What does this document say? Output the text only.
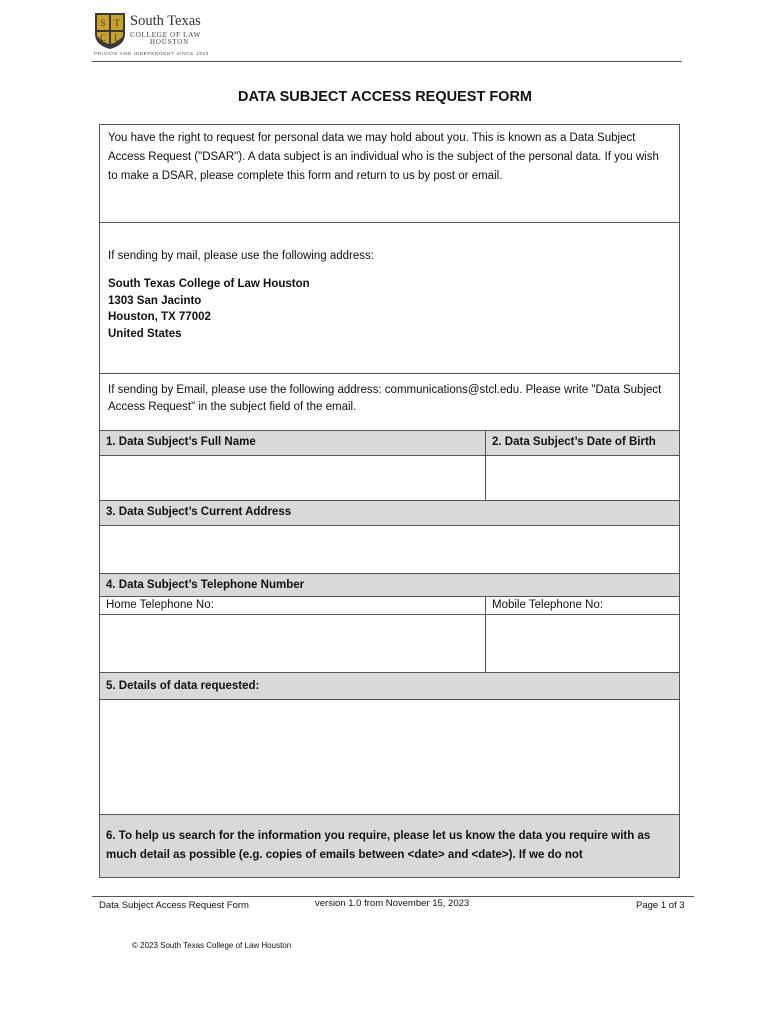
S T
C L
South Texas
COLLEGE OF LAW
HOUSTON
PRIVATE AND INDEPENDENT SINCE 1923
DATA SUBJECT ACCESS REQUEST FORM
You have the right to request for personal data we may hold about you. This is known as a Data Subject Access Request ("DSAR"). A data subject is an individual who is the subject of the personal data. If you wish to make a DSAR, please complete this form and return to us by post or email.
If sending by mail, please use the following address:
South Texas College of Law Houston
1303 San Jacinto
Houston, TX 77002
United States
If sending by Email, please use the following address: communications@stcl.edu. Please write "Data Subject Access Request" in the subject field of the email.
1. Data Subject’s Full Name	2. Data Subject’s Date of Birth
3. Data Subject’s Current Address
4. Data Subject’s Telephone Number
Home Telephone No:	Mobile Telephone No:
5. Details of data requested:
6. To help us search for the information you require, please let us know the data you require with as much detail as possible (e.g. copies of emails between <date> and <date>). If we do not
Data Subject Access Request Form	version 1.0 from November 15, 2023	Page 1 of 3
© 2023 South Texas College of Law Houston
